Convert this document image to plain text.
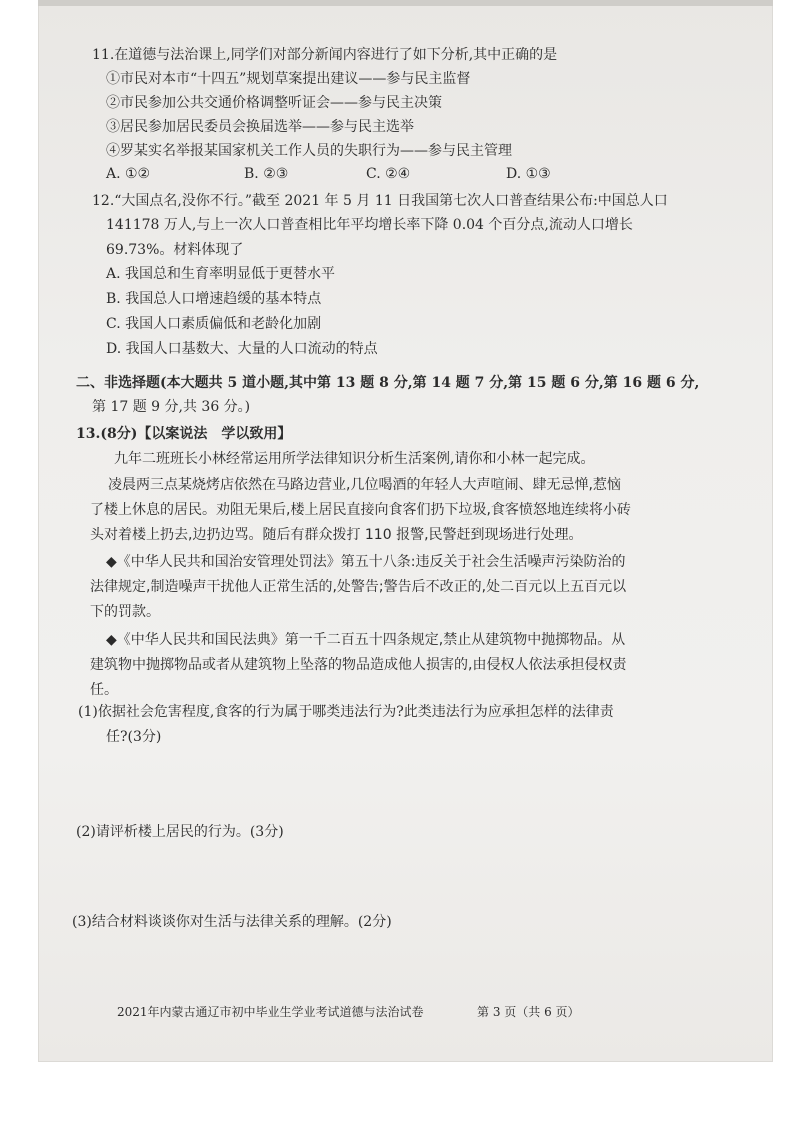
11.在道德与法治课上,同学们对部分新闻内容进行了如下分析,其中正确的是
①市民对本市“十四五”规划草案提出建议——参与民主监督
②市民参加公共交通价格调整听证会——参与民主决策
③居民参加居民委员会换届选举——参与民主选举
④罗某实名举报某国家机关工作人员的失职行为——参与民主管理
A. ①②	B. ②③	C. ②④	D. ①③
12.“大国点名,没你不行。”截至 2021 年 5 月 11 日我国第七次人口普查结果公布:中国总人口
141178 万人,与上一次人口普查相比年平均增长率下降 0.04 个百分点,流动人口增长
69.73%。材料体现了
A. 我国总和生育率明显低于更替水平
B. 我国总人口增速趋缓的基本特点
C. 我国人口素质偏低和老龄化加剧
D. 我国人口基数大、大量的人口流动的特点
二、非选择题(本大题共 5 道小题,其中第 13 题 8 分,第 14 题 7 分,第 15 题 6 分,第 16 题 6 分,
第 17 题 9 分,共 36 分。)
13.(8分)【以案说法　学以致用】
九年二班班长小林经常运用所学法律知识分析生活案例,请你和小林一起完成。
凌晨两三点某烧烤店依然在马路边营业,几位喝酒的年轻人大声喧闹、肆无忌惮,惹恼
了楼上休息的居民。劝阻无果后,楼上居民直接向食客们扔下垃圾,食客愤怒地连续将小砖
头对着楼上扔去,边扔边骂。随后有群众拨打 110 报警,民警赶到现场进行处理。
◆《中华人民共和国治安管理处罚法》第五十八条:违反关于社会生活噪声污染防治的
法律规定,制造噪声干扰他人正常生活的,处警告;警告后不改正的,处二百元以上五百元以
下的罚款。
◆《中华人民共和国民法典》第一千二百五十四条规定,禁止从建筑物中抛掷物品。从
建筑物中抛掷物品或者从建筑物上坠落的物品造成他人损害的,由侵权人依法承担侵权责
任。
(1)依据社会危害程度,食客的行为属于哪类违法行为?此类违法行为应承担怎样的法律责
任?(3分)
(2)请评析楼上居民的行为。(3分)
(3)结合材料谈谈你对生活与法律关系的理解。(2分)
2021年内蒙古通辽市初中毕业生学业考试道德与法治试卷	第 3 页（共 6 页）
